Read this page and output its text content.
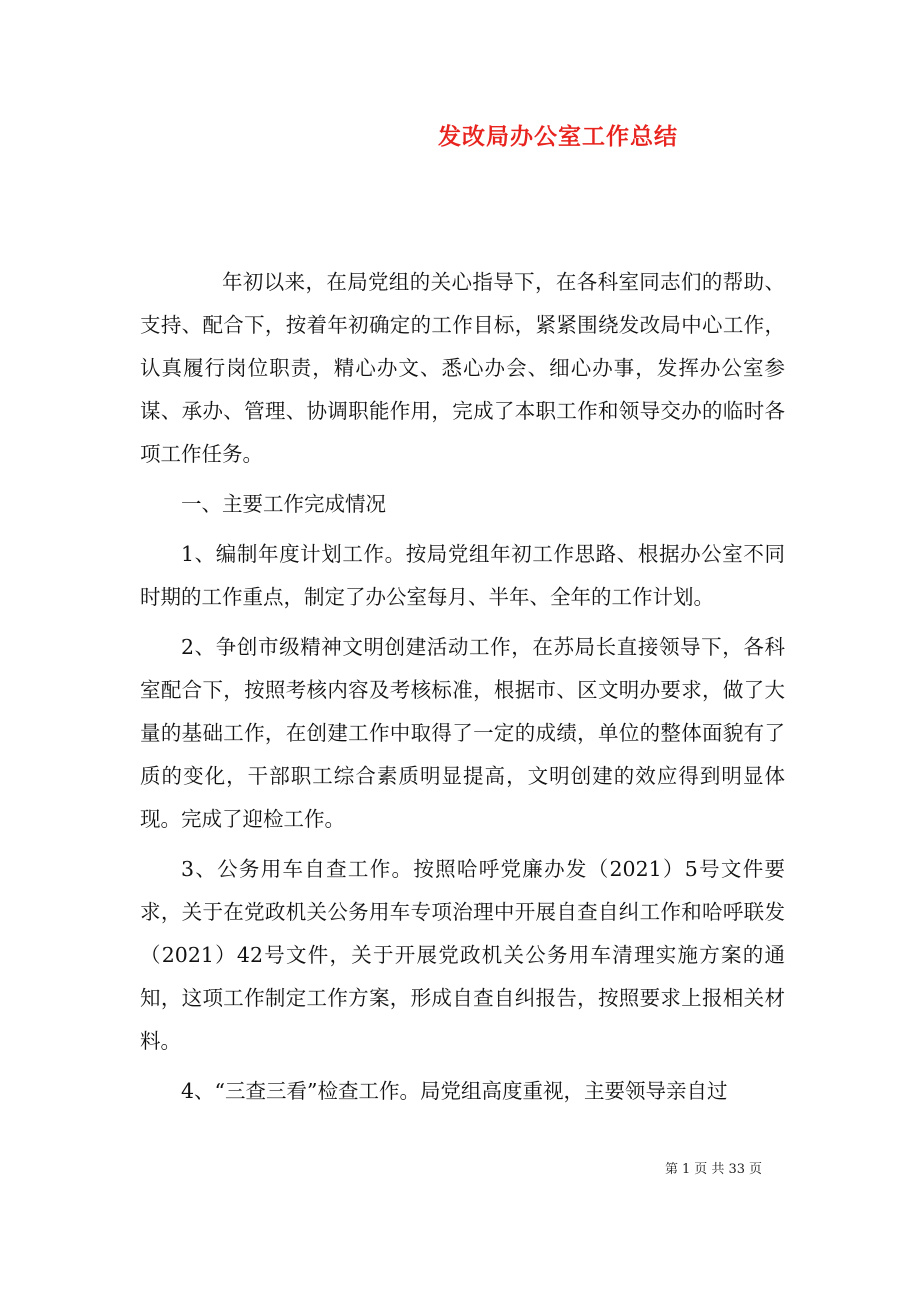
发改局办公室工作总结

年初以来，在局党组的关心指导下，在各科室同志们的帮助、支持、配合下，按着年初确定的工作目标，紧紧围绕发改局中心工作，认真履行岗位职责，精心办文、悉心办会、细心办事，发挥办公室参谋、承办、管理、协调职能作用，完成了本职工作和领导交办的临时各项工作任务。

一、主要工作完成情况

1、编制年度计划工作。按局党组年初工作思路、根据办公室不同时期的工作重点，制定了办公室每月、半年、全年的工作计划。

2、争创市级精神文明创建活动工作，在苏局长直接领导下，各科室配合下，按照考核内容及考核标准，根据市、区文明办要求，做了大量的基础工作，在创建工作中取得了一定的成绩，单位的整体面貌有了质的变化，干部职工综合素质明显提高，文明创建的效应得到明显体现。完成了迎检工作。

3、公务用车自查工作。按照哈呼党廉办发（2021）5号文件要求，关于在党政机关公务用车专项治理中开展自查自纠工作和哈呼联发（2021）42号文件，关于开展党政机关公务用车清理实施方案的通知，这项工作制定工作方案，形成自查自纠报告，按照要求上报相关材料。

4、“三查三看”检查工作。局党组高度重视，主要领导亲自过

第 1 页 共 33 页
